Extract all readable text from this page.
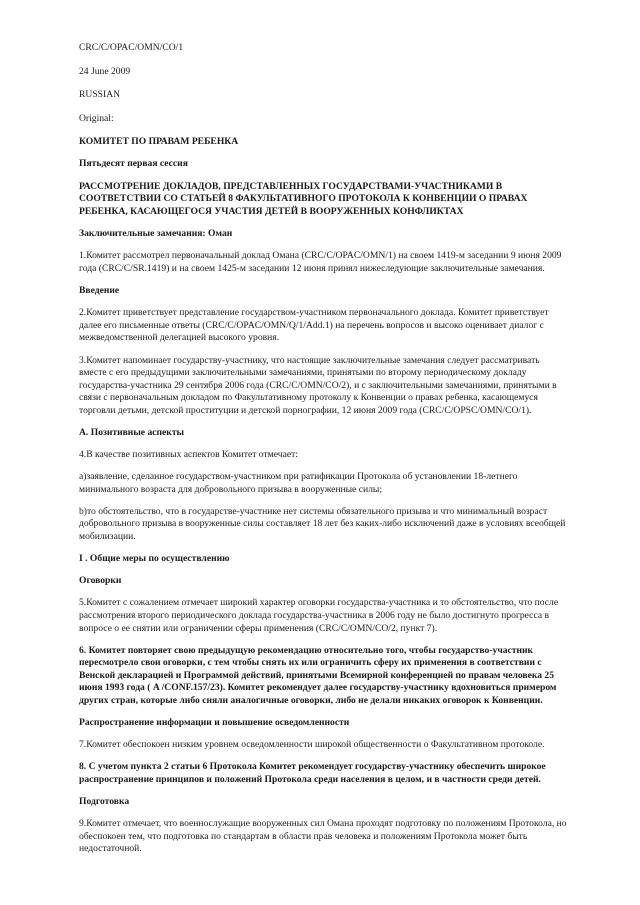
CRC/C/OPAC/OMN/CO/1

24 June 2009

RUSSIAN

Original:

КОМИТЕТ ПО ПРАВАМ РЕБЕНКА

Пятьдесят первая сессия

РАССМОТРЕНИЕ ДОКЛАДОВ, ПРЕДСТАВЛЕННЫХ ГОСУДАРСТВАМИ-УЧАСТНИКАМИ В СООТВЕТСТВИИ СО СТАТЬЕЙ 8 ФАКУЛЬТАТИВНОГО ПРОТОКОЛА К КОНВЕНЦИИ О ПРАВАХ РЕБЕНКА, КАСАЮЩЕГОСЯ УЧАСТИЯ ДЕТЕЙ В ВООРУЖЕННЫХ КОНФЛИКТАХ

Заключительные замечания: Оман

1.Комитет рассмотрел первоначальный доклад Омана (CRC/C/OPAC/OMN/1) на своем 1419-м заседании 9 июня 2009 года (CRC/C/SR.1419) и на своем 1425-м заседании 12 июня принял нижеследующие заключительные замечания.

Введение

2.Комитет приветствует представление государством-участником первоначального доклада. Комитет приветствует далее его письменные ответы (CRC/C/OPAC/OMN/Q/1/Add.1) на перечень вопросов и высоко оценивает диалог с межведомственной делегацией высокого уровня.

3.Комитет напоминает государству-участнику, что настоящие заключительные замечания следует рассматривать вместе с его предыдущими заключительными замечаниями, принятыми по второму периодическому докладу государства-участника 29 сентября 2006 года (CRC/C/OMN/CO/2), и с заключительными замечаниями, принятыми в связи с первоначальным докладом по Факультативному протоколу к Конвенции о правах ребенка, касающемуся торговли детьми, детской проституции и детской порнографии, 12 июня 2009 года (CRC/C/OPSC/OMN/CO/1).

A. Позитивные аспекты

4.В качестве позитивных аспектов Комитет отмечает:

a)заявление, сделанное государством-участником при ратификации Протокола об установлении 18-летнего минимального возраста для добровольного призыва в вооруженные силы;

b)то обстоятельство, что в государстве-участнике нет системы обязательного призыва и что минимальный возраст добровольного призыва в вооруженные силы составляет 18 лет без каких-либо исключений даже в условиях всеобщей мобилизации.

I . Общие меры по осуществлению

Оговорки

5.Комитет с сожалением отмечает широкий характер оговорки государства-участника и то обстоятельство, что после рассмотрения второго периодического доклада государства-участника в 2006 году не было достигнуто прогресса в вопросе о ее снятии или ограничении сферы применения (CRC/C/OMN/CO/2, пункт 7).

6. Комитет повторяет свою предыдущую рекомендацию относительно того, чтобы государство-участник пересмотрело свои оговорки, с тем чтобы снять их или ограничить сферу их применения в соответствии с Венской декларацией и Программой действий, принятыми Всемирной конференцией по правам человека 25 июня 1993 года ( A /CONF.157/23). Комитет рекомендует далее государству-участнику вдохновиться примером других стран, которые либо сняли аналогичные оговорки, либо не делали никаких оговорок к Конвенции.

Распространение информации и повышение осведомленности

7.Комитет обеспокоен низким уровнем осведомленности широкой общественности о Факультативном протоколе.

8. С учетом пункта 2 статьи 6 Протокола Комитет рекомендует государству-участнику обеспечить широкое распространение принципов и положений Протокола среди населения в целом, и в частности среди детей.

Подготовка

9.Комитет отмечает, что военнослужащие вооруженных сил Омана проходят подготовку по положениям Протокола, но обеспокоен тем, что подготовка по стандартам в области прав человека и положениям Протокола может быть недостаточной.
